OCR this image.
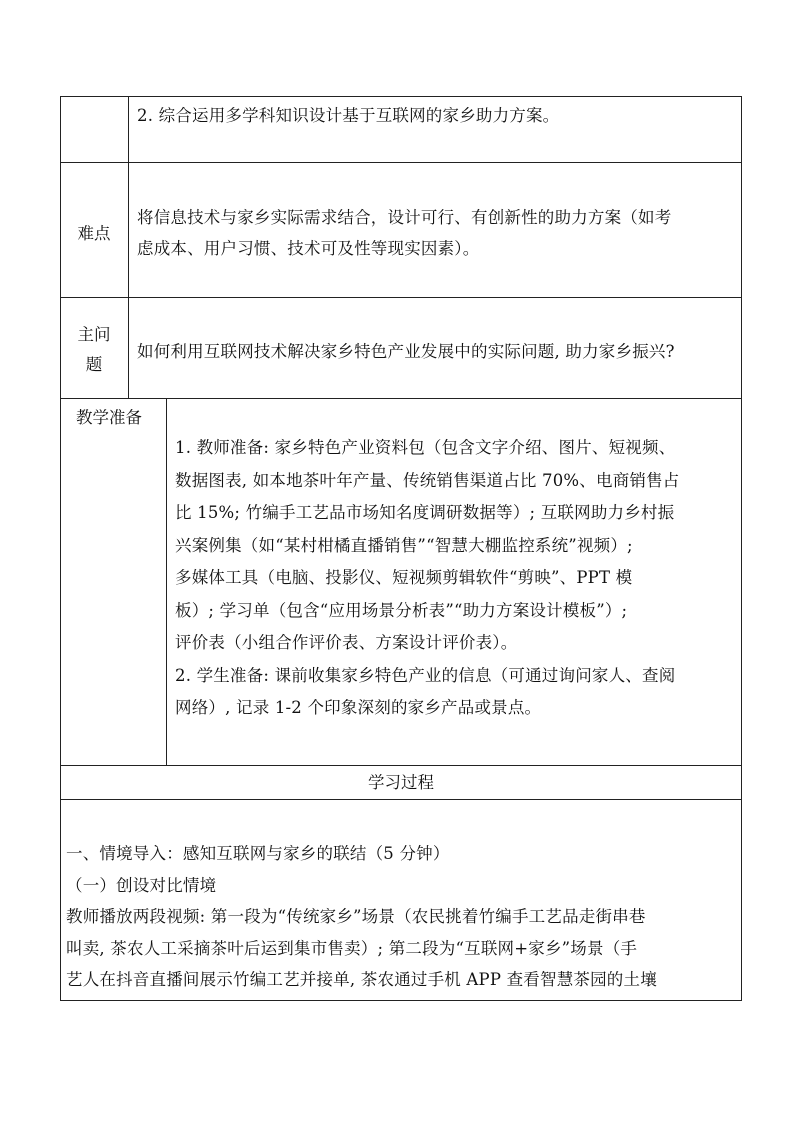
2. 综合运用多学科知识设计基于互联网的家乡助力方案。
难点
将信息技术与家乡实际需求结合，设计可行、有创新性的助力方案（如考
虑成本、用户习惯、技术可及性等现实因素）。
主问
题
如何利用互联网技术解决家乡特色产业发展中的实际问题, 助力家乡振兴?
教学准备
1. 教师准备: 家乡特色产业资料包（包含文字介绍、图片、短视频、
数据图表, 如本地茶叶年产量、传统销售渠道占比 70%、电商销售占
比 15%; 竹编手工艺品市场知名度调研数据等）; 互联网助力乡村振
兴案例集（如“某村柑橘直播销售”“智慧大棚监控系统”视频）;
多媒体工具（电脑、投影仪、短视频剪辑软件“剪映”、PPT 模
板）; 学习单（包含“应用场景分析表”“助力方案设计模板”）;
评价表（小组合作评价表、方案设计评价表）。
2. 学生准备: 课前收集家乡特色产业的信息（可通过询问家人、查阅
网络）, 记录 1-2 个印象深刻的家乡产品或景点。
学习过程
一、情境导入：感知互联网与家乡的联结（5 分钟）
（一）创设对比情境
教师播放两段视频: 第一段为“传统家乡”场景（农民挑着竹编手工艺品走街串巷
叫卖, 茶农人工采摘茶叶后运到集市售卖）; 第二段为“互联网+家乡”场景（手
艺人在抖音直播间展示竹编工艺并接单, 茶农通过手机 APP 查看智慧茶园的土壤
